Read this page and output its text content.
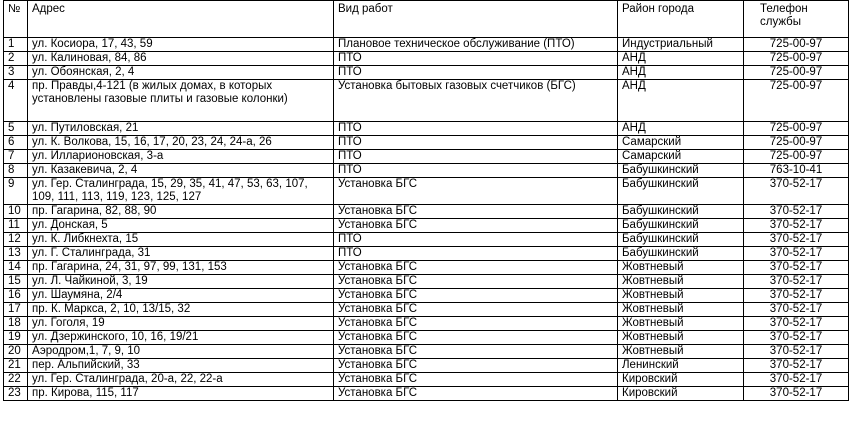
№	Адрес	Вид работ	Район города	Телефон службы
1	ул. Косиора, 17, 43, 59	Плановое техническое обслуживание (ПТО)	Индустриальный	725-00-97
2	ул. Калиновая, 84, 86	ПТО	АНД	725-00-97
3	ул. Обоянская, 2, 4	ПТО	АНД	725-00-97
4	пр. Правды,4-121 (в жилых домах, в которых установлены газовые плиты и газовые колонки)	Установка бытовых газовых счетчиков (БГС)	АНД	725-00-97
5	ул. Путиловская, 21	ПТО	АНД	725-00-97
6	ул. К. Волкова, 15, 16, 17, 20, 23, 24, 24-а, 26	ПТО	Самарский	725-00-97
7	ул. Илларионовская, 3-а	ПТО	Самарский	725-00-97
8	ул. Казакевича, 2, 4	ПТО	Бабушкинский	763-10-41
9	ул. Гер. Сталинграда, 15, 29, 35, 41, 47, 53, 63, 107, 109, 111, 113, 119, 123, 125, 127	Установка БГС	Бабушкинский	370-52-17
10	пр. Гагарина, 82, 88, 90	Установка БГС	Бабушкинский	370-52-17
11	ул. Донская, 5	Установка БГС	Бабушкинский	370-52-17
12	ул. К. Либкнехта, 15	ПТО	Бабушкинский	370-52-17
13	ул. Г. Сталинграда, 31	ПТО	Бабушкинский	370-52-17
14	пр. Гагарина, 24, 31, 97, 99, 131, 153	Установка БГС	Жовтневый	370-52-17
15	ул. Л. Чайкиной, 3, 19	Установка БГС	Жовтневый	370-52-17
16	ул. Шаумяна, 2/4	Установка БГС	Жовтневый	370-52-17
17	пр. К. Маркса, 2, 10, 13/15, 32	Установка БГС	Жовтневый	370-52-17
18	ул. Гоголя, 19	Установка БГС	Жовтневый	370-52-17
19	ул. Дзержинского, 10, 16, 19/21	Установка БГС	Жовтневый	370-52-17
20	Аэродром,1, 7, 9, 10	Установка БГС	Жовтневый	370-52-17
21	пер. Альпийский, 33	Установка БГС	Ленинский	370-52-17
22	ул. Гер. Сталинграда, 20-а, 22, 22-а	Установка БГС	Кировский	370-52-17
23	пр. Кирова, 115, 117	Установка БГС	Кировский	370-52-17
